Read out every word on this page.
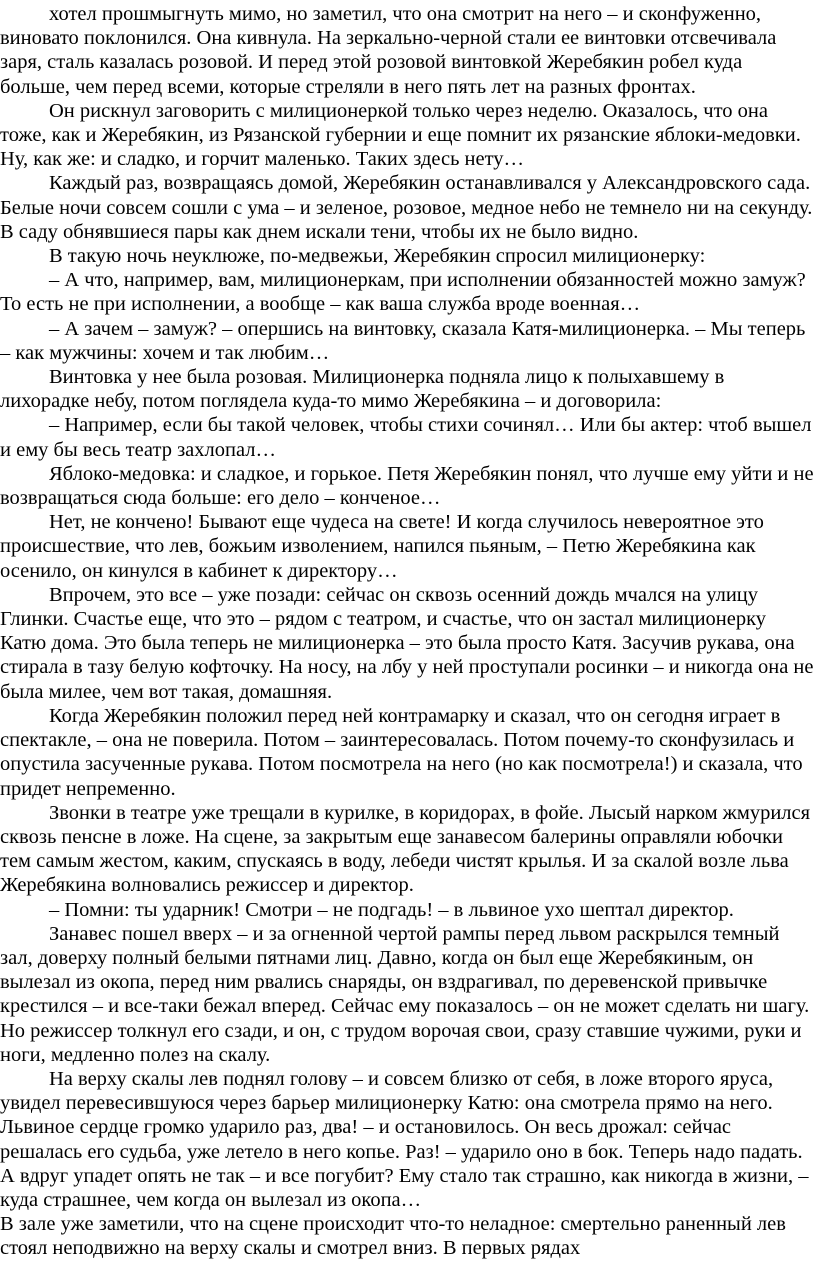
хотел прошмыгнуть мимо, но заметил, что она смотрит на него – и сконфуженно, виновато поклонился. Она кивнула. На зеркально-черной стали ее винтовки отсвечивала заря, сталь казалась розовой. И перед этой розовой винтовкой Жеребякин робел куда больше, чем перед всеми, которые стреляли в него пять лет на разных фронтах.

Он рискнул заговорить с милиционеркой только через неделю. Оказалось, что она тоже, как и Жеребякин, из Рязанской губернии и еще помнит их рязанские яблоки-медовки. Ну, как же: и сладко, и горчит маленько. Таких здесь нету…

Каждый раз, возвращаясь домой, Жеребякин останавливался у Александровского сада. Белые ночи совсем сошли с ума – и зеленое, розовое, медное небо не темнело ни на секунду. В саду обнявшиеся пары как днем искали тени, чтобы их не было видно.

В такую ночь неуклюже, по-медвежьи, Жеребякин спросил милиционерку:

– А что, например, вам, милиционеркам, при исполнении обязанностей можно замуж? То есть не при исполнении, а вообще – как ваша служба вроде военная…

– А зачем – замуж? – опершись на винтовку, сказала Катя-милиционерка. – Мы теперь – как мужчины: хочем и так любим…

Винтовка у нее была розовая. Милиционерка подняла лицо к полыхавшему в лихорадке небу, потом поглядела куда-то мимо Жеребякина – и договорила:

– Например, если бы такой человек, чтобы стихи сочинял… Или бы актер: чтоб вышел и ему бы весь театр захлопал…

Яблоко-медовка: и сладкое, и горькое. Петя Жеребякин понял, что лучше ему уйти и не возвращаться сюда больше: его дело – конченое…

Нет, не кончено! Бывают еще чудеса на свете! И когда случилось невероятное это происшествие, что лев, божьим изволением, напился пьяным, – Петю Жеребякина как осенило, он кинулся в кабинет к директору…

Впрочем, это все – уже позади: сейчас он сквозь осенний дождь мчался на улицу Глинки. Счастье еще, что это – рядом с театром, и счастье, что он застал милиционерку Катю дома. Это была теперь не милиционерка – это была просто Катя. Засучив рукава, она стирала в тазу белую кофточку. На носу, на лбу у ней проступали росинки – и никогда она не была милее, чем вот такая, домашняя.

Когда Жеребякин положил перед ней контрамарку и сказал, что он сегодня играет в спектакле, – она не поверила. Потом – заинтересовалась. Потом почему-то сконфузилась и опустила засученные рукава. Потом посмотрела на него (но как посмотрела!) и сказала, что придет непременно.

Звонки в театре уже трещали в курилке, в коридорах, в фойе. Лысый нарком жмурился сквозь пенсне в ложе. На сцене, за закрытым еще занавесом балерины оправляли юбочки тем самым жестом, каким, спускаясь в воду, лебеди чистят крылья. И за скалой возле льва Жеребякина волновались режиссер и директор.

– Помни: ты ударник! Смотри – не подгадь! – в львиное ухо шептал директор.

Занавес пошел вверх – и за огненной чертой рампы перед львом раскрылся темный зал, доверху полный белыми пятнами лиц. Давно, когда он был еще Жеребякиным, он вылезал из окопа, перед ним рвались снаряды, он вздрагивал, по деревенской привычке крестился – и все-таки бежал вперед. Сейчас ему показалось – он не может сделать ни шагу. Но режиссер толкнул его сзади, и он, с трудом ворочая свои, сразу ставшие чужими, руки и ноги, медленно полез на скалу.

На верху скалы лев поднял голову – и совсем близко от себя, в ложе второго яруса, увидел перевесившуюся через барьер милиционерку Катю: она смотрела прямо на него. Львиное сердце громко ударило раз, два! – и остановилось. Он весь дрожал: сейчас решалась его судьба, уже летело в него копье. Раз! – ударило оно в бок. Теперь надо падать. А вдруг упадет опять не так – и все погубит? Ему стало так страшно, как никогда в жизни, – куда страшнее, чем когда он вылезал из окопа…

В зале уже заметили, что на сцене происходит что-то неладное: смертельно раненный лев стоял неподвижно на верху скалы и смотрел вниз. В первых рядах
